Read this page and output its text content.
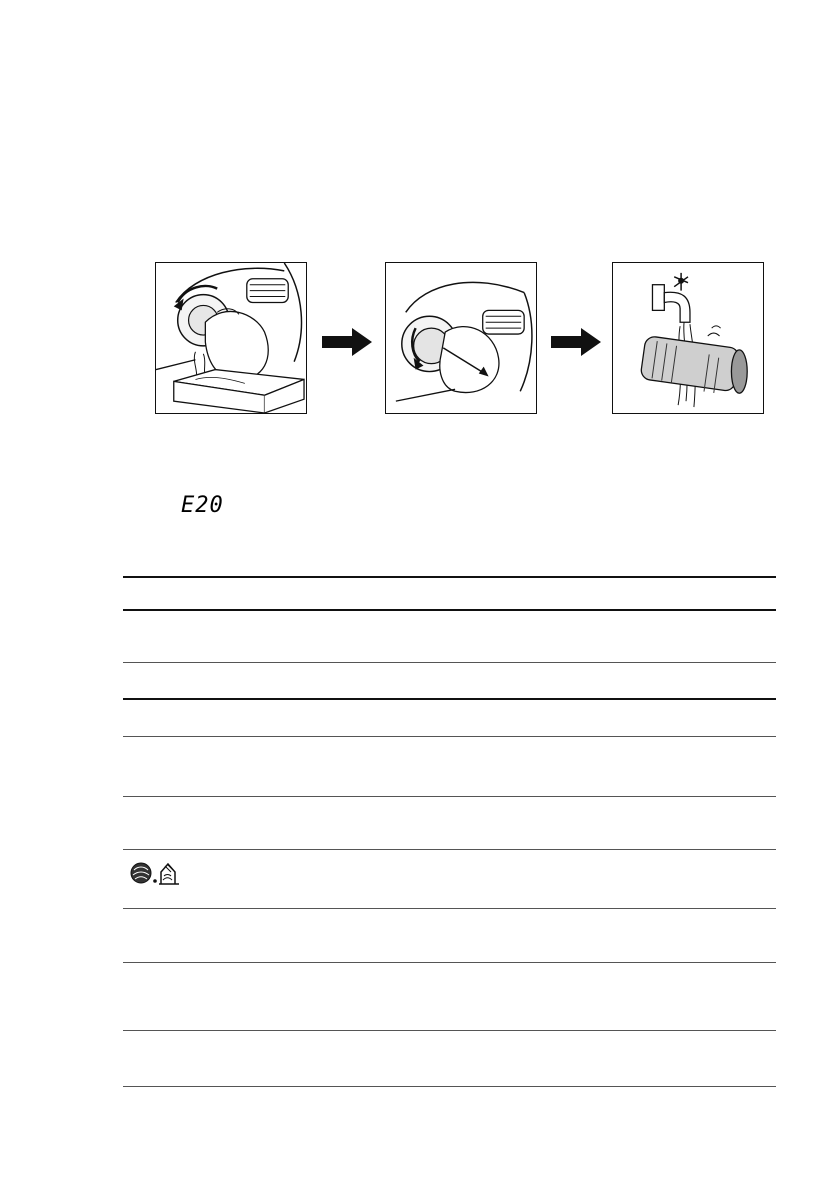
E20
